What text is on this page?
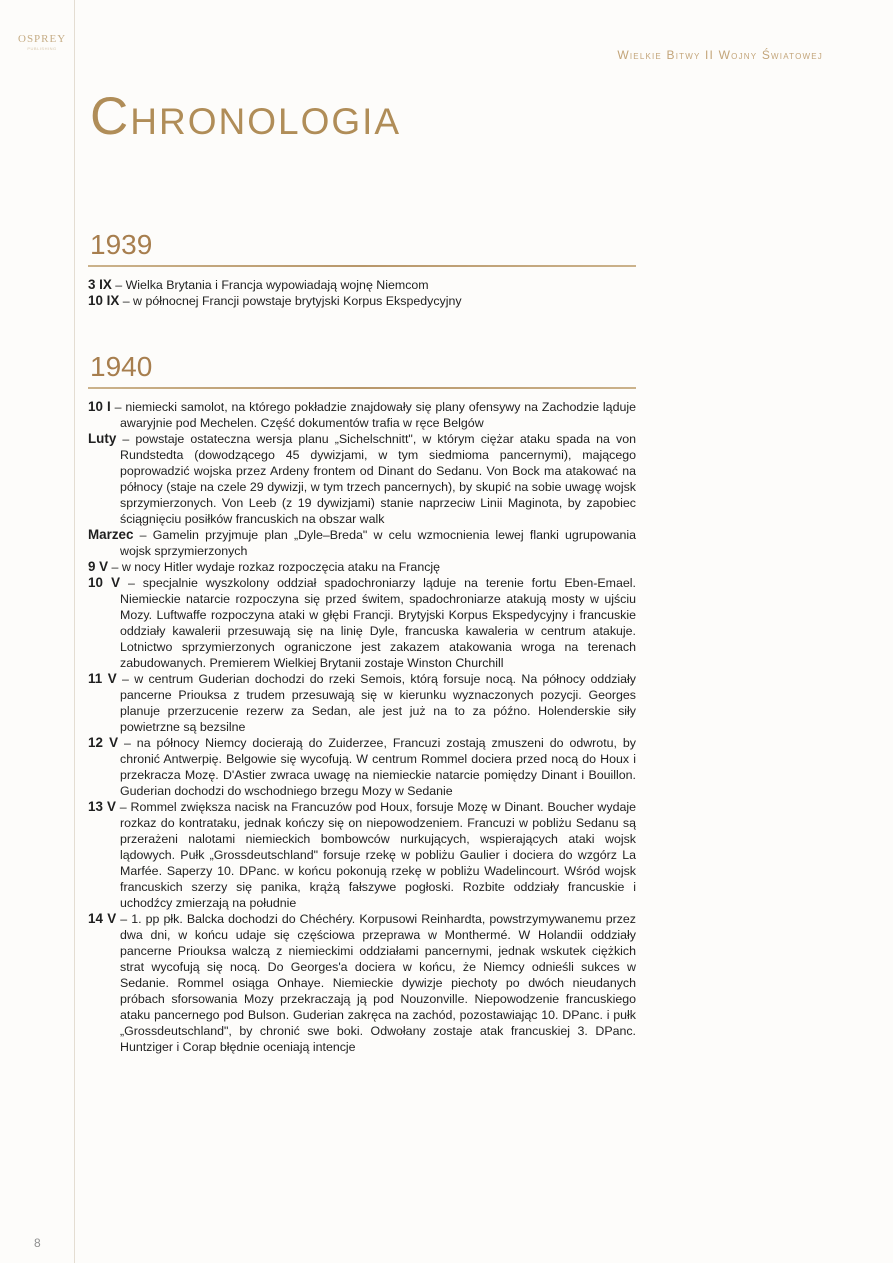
OSPREY
PUBLISHING	Wielkie Bitwy II Wojny Światowej
Chronologia
1939

3 IX – Wielka Brytania i Francja wypowiadają wojnę Niemcom

10 IX – w północnej Francji powstaje brytyjski Korpus Ekspedycyjny

1940

10 I – niemiecki samolot, na którego pokładzie znajdowały się plany ofensywy na Zachodzie ląduje awaryjnie pod Mechelen. Część dokumentów trafia w ręce Belgów

Luty – powstaje ostateczna wersja planu „Sichelschnitt", w którym ciężar ataku spada na von Rundstedta (dowodzącego 45 dywizjami, w tym siedmioma pancernymi), mającego poprowadzić wojska przez Ardeny frontem od Dinant do Sedanu. Von Bock ma atakować na północy (staje na czele 29 dywizji, w tym trzech pancernych), by skupić na sobie uwagę wojsk sprzymierzonych. Von Leeb (z 19 dywizjami) stanie naprzeciw Linii Maginota, by zapobiec ściągnięciu posiłków francuskich na obszar walk

Marzec – Gamelin przyjmuje plan „Dyle–Breda" w celu wzmocnienia lewej flanki ugrupowania wojsk sprzymierzonych

9 V – w nocy Hitler wydaje rozkaz rozpoczęcia ataku na Francję

10 V – specjalnie wyszkolony oddział spadochroniarzy ląduje na terenie fortu Eben-Emael. Niemieckie natarcie rozpoczyna się przed świtem, spadochroniarze atakują mosty w ujściu Mozy. Luftwaffe rozpoczyna ataki w głębi Francji. Brytyjski Korpus Ekspedycyjny i francuskie oddziały kawalerii przesuwają się na linię Dyle, francuska kawaleria w centrum atakuje. Lotnictwo sprzymierzonych ograniczone jest zakazem atakowania wroga na terenach zabudowanych. Premierem Wielkiej Brytanii zostaje Winston Churchill

11 V – w centrum Guderian dochodzi do rzeki Semois, którą forsuje nocą. Na północy oddziały pancerne Priouksa z trudem przesuwają się w kierunku wyznaczonych pozycji. Georges planuje przerzucenie rezerw za Sedan, ale jest już na to za późno. Holenderskie siły powietrzne są bezsilne

12 V – na północy Niemcy docierają do Zuiderzee, Francuzi zostają zmuszeni do odwrotu, by chronić Antwerpię. Belgowie się wycofują. W centrum Rommel dociera przed nocą do Houx i przekracza Mozę. D'Astier zwraca uwagę na niemieckie natarcie pomiędzy Dinant i Bouillon. Guderian dochodzi do wschodniego brzegu Mozy w Sedanie

13 V – Rommel zwiększa nacisk na Francuzów pod Houx, forsuje Mozę w Dinant. Boucher wydaje rozkaz do kontrataku, jednak kończy się on niepowodzeniem. Francuzi w pobliżu Sedanu są przerażeni nalotami niemieckich bombowców nurkujących, wspierających ataki wojsk lądowych. Pułk „Grossdeutschland" forsuje rzekę w pobliżu Gaulier i dociera do wzgórz La Marfée. Saperzy 10. DPanc. w końcu pokonują rzekę w pobliżu Wadelincourt. Wśród wojsk francuskich szerzy się panika, krążą fałszywe pogłoski. Rozbite oddziały francuskie i uchodźcy zmierzają na południe

14 V – 1. pp płk. Balcka dochodzi do Chéchéry. Korpusowi Reinhardta, powstrzymywanemu przez dwa dni, w końcu udaje się częściowa przeprawa w Monthermé. W Holandii oddziały pancerne Priouksa walczą z niemieckimi oddziałami pancernymi, jednak wskutek ciężkich strat wycofują się nocą. Do Georges'a dociera w końcu, że Niemcy odnieśli sukces w Sedanie. Rommel osiąga Onhaye. Niemieckie dywizje piechoty po dwóch nieudanych próbach sforsowania Mozy przekraczają ją pod Nouzonville. Niepowodzenie francuskiego ataku pancernego pod Bulson. Guderian zakręca na zachód, pozostawiając 10. DPanc. i pułk „Grossdeutschland", by chronić swe boki. Odwołany zostaje atak francuskiej 3. DPanc. Huntziger i Corap błędnie oceniają intencje

8
